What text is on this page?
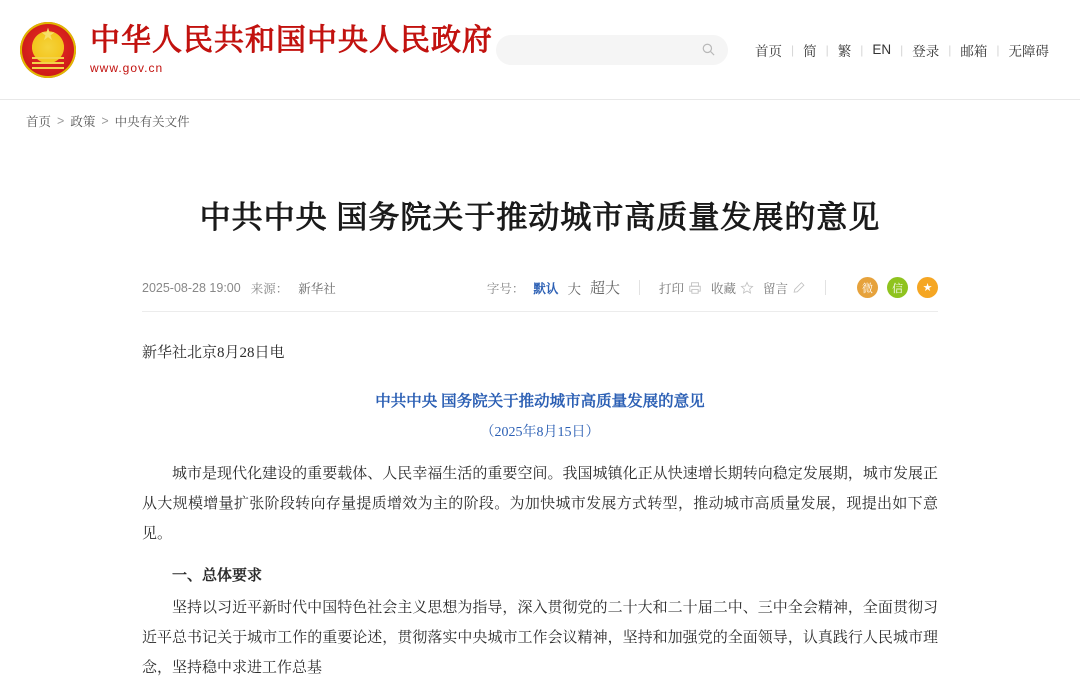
★
中华人民共和国中央人民政府
www.gov.cn
首页 | 简 | 繁 | EN | 登录 | 邮箱 | 无障碍
首页 > 政策 > 中央有关文件
中共中央 国务院关于推动城市高质量发展的意见
2025-08-28 19:00 来源： 新华社	字号： 默认 大 超大	打印 收藏 留言	微	信	★
新华社北京8月28日电
中共中央 国务院关于推动城市高质量发展的意见
（2025年8月15日）

城市是现代化建设的重要载体、人民幸福生活的重要空间。我国城镇化正从快速增长期转向稳定发展期，城市发展正从大规模增量扩张阶段转向存量提质增效为主的阶段。为加快城市发展方式转型，推动城市高质量发展，现提出如下意见。

一、总体要求

坚持以习近平新时代中国特色社会主义思想为指导，深入贯彻党的二十大和二十届二中、三中全会精神，全面贯彻习近平总书记关于城市工作的重要论述，贯彻落实中央城市工作会议精神，坚持和加强党的全面领导，认真践行人民城市理念，坚持稳中求进工作总基
